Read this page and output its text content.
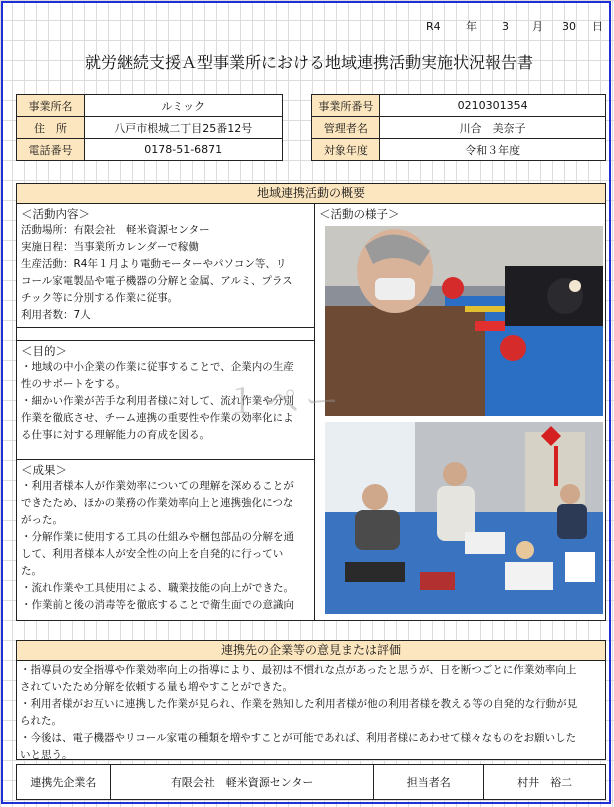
R4 年 3 月 30 日
就労継続支援Ａ型事業所における地域連携活動実施状況報告書
事業所名	ルミック		事業所番号	0210301354
住　所	八戸市根城二丁目25番12号		管理者名	川合　美奈子
電話番号	0178-51-6871		対象年度	令和３年度
地域連携活動の概要
＜活動内容＞
活動場所：有限会社　軽米資源センター
実施日程：当事業所カレンダーで稼働
生産活動：R4年１月より電動モーターやパソコン等、リ
コール家電製品や電子機器の分解と金属、アルミ、プラス
チック等に分別する作業に従事。
利用者数：7人
＜目的＞
・地域の中小企業の作業に従事することで、企業内の生産
性のサポートをする。
・細かい作業が苦手な利用者様に対して、流れ作業や分別
作業を徹底させ、チーム連携の重要性や作業の効率化によ
る仕事に対する理解能力の育成を図る。
＜成果＞
・利用者様本人が作業効率についての理解を深めることが
できたため、ほかの業務の作業効率向上と連携強化につな
がった。
・分解作業に使用する工具の仕組みや梱包部品の分解を通
して、利用者様本人が安全性の向上を自発的に行ってい
た。
・流れ作業や工具使用による、職業技能の向上ができた。
・作業前と後の消毒等を徹底することで衛生面での意識向
＜活動の様子＞
１ペー
連携先の企業等の意見または評価
・指導員の安全指導や作業効率向上の指導により、最初は不慣れな点があったと思うが、日を断つごとに作業効率向上
されていたため分解を依頼する量も増やすことができた。
・利用者様がお互いに連携した作業が見られ、作業を熟知した利用者様が他の利用者様を教える等の自発的な行動が見
られた。
・今後は、電子機器やリコール家電の種類を増やすことが可能であれば、利用者様にあわせて様々なものをお願いした
いと思う。
連携先企業名	有限会社　軽米資源センター	担当者名	村井　裕二
